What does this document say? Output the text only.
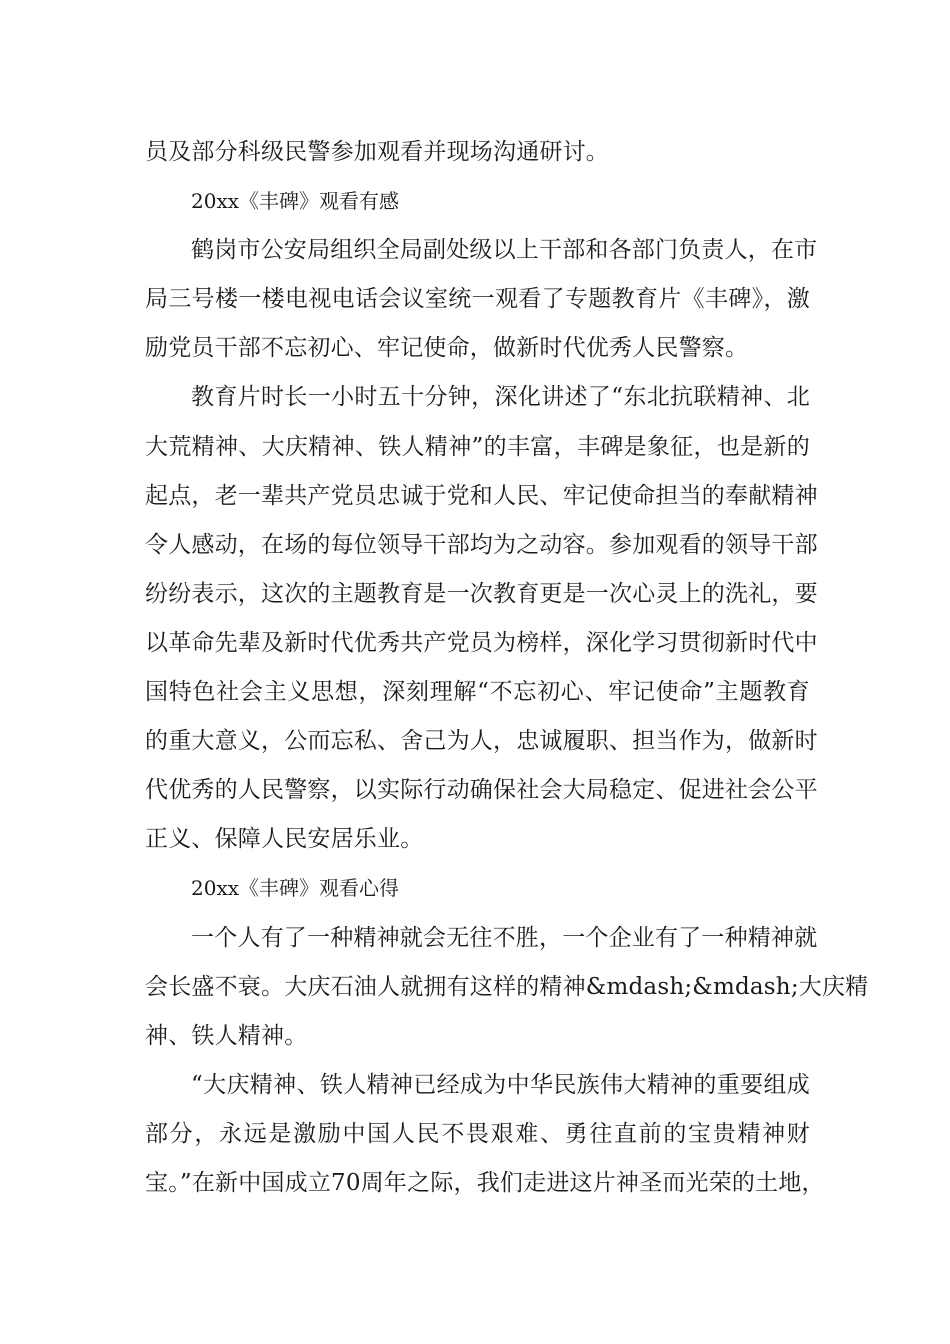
员及部分科级民警参加观看并现场沟通研讨。
20xx《丰碑》观看有感
鹤岗市公安局组织全局副处级以上干部和各部门负责人，在市
局三号楼一楼电视电话会议室统一观看了专题教育片《丰碑》，激
励党员干部不忘初心、牢记使命，做新时代优秀人民警察。
教育片时长一小时五十分钟，深化讲述了“东北抗联精神、北
大荒精神、大庆精神、铁人精神”的丰富，丰碑是象征，也是新的
起点，老一辈共产党员忠诚于党和人民、牢记使命担当的奉献精神
令人感动，在场的每位领导干部均为之动容。参加观看的领导干部
纷纷表示，这次的主题教育是一次教育更是一次心灵上的洗礼，要
以革命先辈及新时代优秀共产党员为榜样，深化学习贯彻新时代中
国特色社会主义思想，深刻理解“不忘初心、牢记使命”主题教育
的重大意义，公而忘私、舍己为人，忠诚履职、担当作为，做新时
代优秀的人民警察，以实际行动确保社会大局稳定、促进社会公平
正义、保障人民安居乐业。
20xx《丰碑》观看心得
一个人有了一种精神就会无往不胜，一个企业有了一种精神就
会长盛不衰。大庆石油人就拥有这样的精神&mdash;&mdash;大庆精
神、铁人精神。
“大庆精神、铁人精神已经成为中华民族伟大精神的重要组成
部分，永远是激励中国人民不畏艰难、勇往直前的宝贵精神财
宝。”在新中国成立70周年之际，我们走进这片神圣而光荣的土地，
